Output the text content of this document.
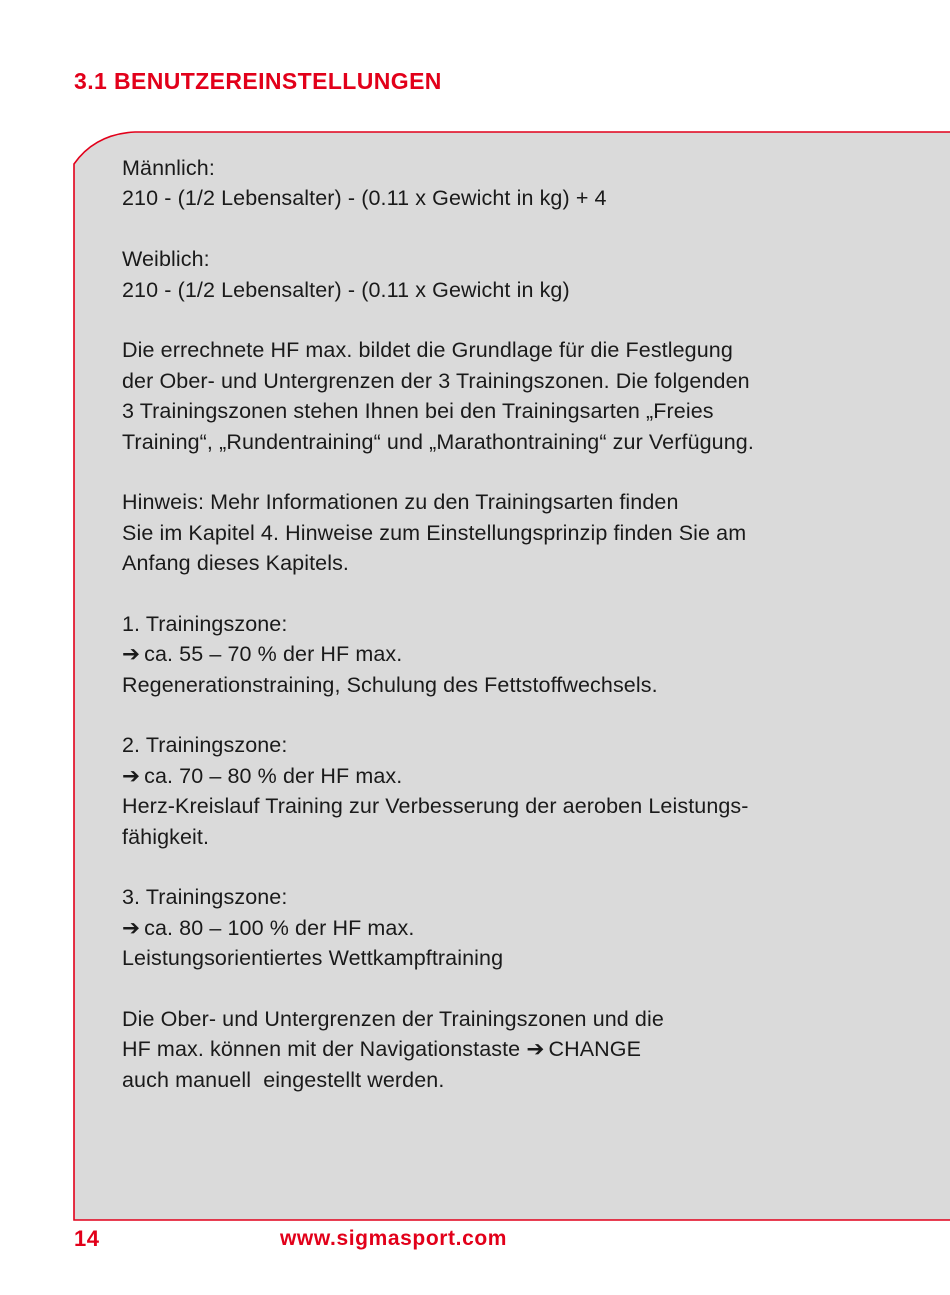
3.1 BENUTZEREINSTELLUNGEN
Männlich:
210 - (1/2 Lebensalter) - (0.11 x Gewicht in kg) + 4
Weiblich:
210 - (1/2 Lebensalter) - (0.11 x Gewicht in kg)
Die errechnete HF max. bildet die Grundlage für die Festlegung
der Ober- und Untergrenzen der 3 Trainingszonen. Die folgenden
3 Trainingszonen stehen Ihnen bei den Trainingsarten „Freies
Training“, „Rundentraining“ und „Marathontraining“ zur Verfügung.
Hinweis: Mehr Informationen zu den Trainingsarten finden
Sie im Kapitel 4. Hinweise zum Einstellungsprinzip finden Sie am
Anfang dieses Kapitels.
1. Trainingszone:
➔ ca. 55 – 70 % der HF max.
Regenerationstraining, Schulung des Fettstoffwechsels.
2. Trainingszone:
➔ ca. 70 – 80 % der HF max.
Herz-Kreislauf Training zur Verbesserung der aeroben Leistungs-
fähigkeit.
3. Trainingszone:
➔ ca. 80 – 100 % der HF max.
Leistungsorientiertes Wettkampftraining
Die Ober- und Untergrenzen der Trainingszonen und die
HF max. können mit der Navigationstaste ➔ CHANGE
auch manuell  eingestellt werden.
14	www.sigmasport.com
